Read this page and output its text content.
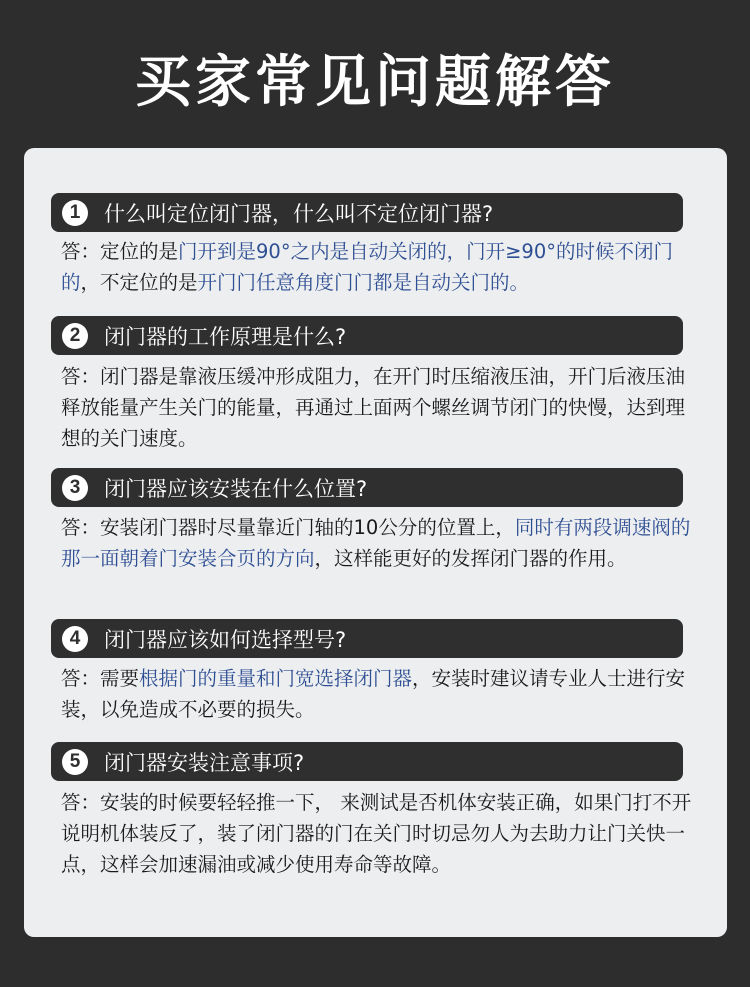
买家常见问题解答
1	什么叫定位闭门器，什么叫不定位闭门器?
答：定位的是门开到是90°之内是自动关闭的，门开≥90°的时候不闭门的，不定位的是开门门任意角度门门都是自动关门的。
2	闭门器的工作原理是什么?
答：闭门器是靠液压缓冲形成阻力，在开门时压缩液压油，开门后液压油释放能量产生关门的能量，再通过上面两个螺丝调节闭门的快慢，达到理想的关门速度。
3	闭门器应该安装在什么位置?
答：安装闭门器时尽量靠近门轴的10公分的位置上，同时有两段调速阀的那一面朝着门安装合页的方向，这样能更好的发挥闭门器的作用。
4	闭门器应该如何选择型号?
答：需要根据门的重量和门宽选择闭门器，安装时建议请专业人士进行安装，以免造成不必要的损失。
5	闭门器安装注意事项?
答：安装的时候要轻轻推一下， 来测试是否机体安装正确，如果门打不开说明机体装反了，装了闭门器的门在关门时切忌勿人为去助力让门关快一点，这样会加速漏油或减少使用寿命等故障。
